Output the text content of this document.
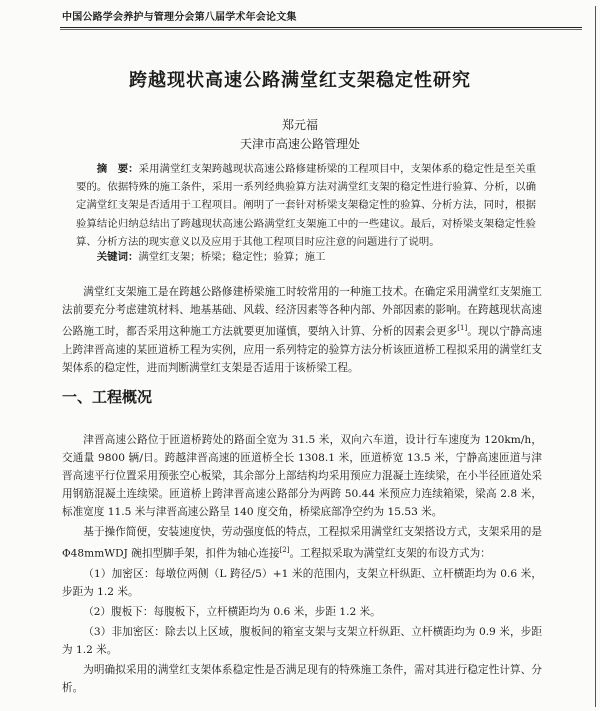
中国公路学会养护与管理分会第八届学术年会论文集
跨越现状高速公路满堂红支架稳定性研究
郑元福
天津市高速公路管理处
摘　要：采用满堂红支架跨越现状高速公路修建桥梁的工程项目中，支架体系的稳定性是至关重要的。依据特殊的施工条件，采用一系列经典验算方法对满堂红支架的稳定性进行验算、分析，以确定满堂红支架是否适用于工程项目。阐明了一套针对桥梁支架稳定性的验算、分析方法，同时，根据验算结论归纳总结出了跨越现状高速公路满堂红支架施工中的一些建议。最后，对桥梁支架稳定性验算、分析方法的现实意义以及应用于其他工程项目时应注意的问题进行了说明。
关键词：满堂红支架；桥梁；稳定性；验算；施工
满堂红支架施工是在跨越公路修建桥梁施工时较常用的一种施工技术。在确定采用满堂红支架施工法前要充分考虑建筑材料、地基基础、风载、经济因素等各种内部、外部因素的影响。在跨越现状高速公路施工时，都否采用这种施工方法就要更加谨慎，要纳入计算、分析的因素会更多[1]。现以宁静高速上跨津晋高速的某匝道桥工程为实例，应用一系列特定的验算方法分析该匝道桥工程拟采用的满堂红支架体系的稳定性，进而判断满堂红支架是否适用于该桥梁工程。
一、工程概况

津晋高速公路位于匝道桥跨处的路面全宽为 31.5 米，双向六车道，设计行车速度为 120km/h，交通量 9800 辆/日。跨越津晋高速的匝道桥全长 1308.1 米，匝道桥宽 13.5 米，宁静高速匝道与津晋高速平行位置采用预张空心板梁，其余部分上部结构均采用预应力混凝土连续梁，在小半径匝道处采用钢筋混凝土连续梁。匝道桥上跨津晋高速公路部分为两跨 50.44 米预应力连续箱梁，梁高 2.8 米，标准宽度 11.5 米与津晋高速公路呈 140 度交角，桥梁底部净空约为 15.53 米。

基于操作简便，安装速度快，劳动强度低的特点，工程拟采用满堂红支架搭设方式，支架采用的是 Φ48mmWDJ 碗扣型脚手架，扣件为轴心连接[2]。工程拟采取为满堂红支架的布设方式为：

（1）加密区：每墩位两侧（L 跨径/5）+1 米的范围内，支架立杆纵距、立杆横距均为 0.6 米，步距为 1.2 米。

（2）腹板下：每腹板下，立杆横距均为 0.6 米，步距 1.2 米。

（3）非加密区：除去以上区域，腹板间的箱室支架与支架立杆纵距、立杆横距均为 0.9 米，步距为 1.2 米。

为明确拟采用的满堂红支架体系稳定性是否满足现有的特殊施工条件，需对其进行稳定性计算、分析。
